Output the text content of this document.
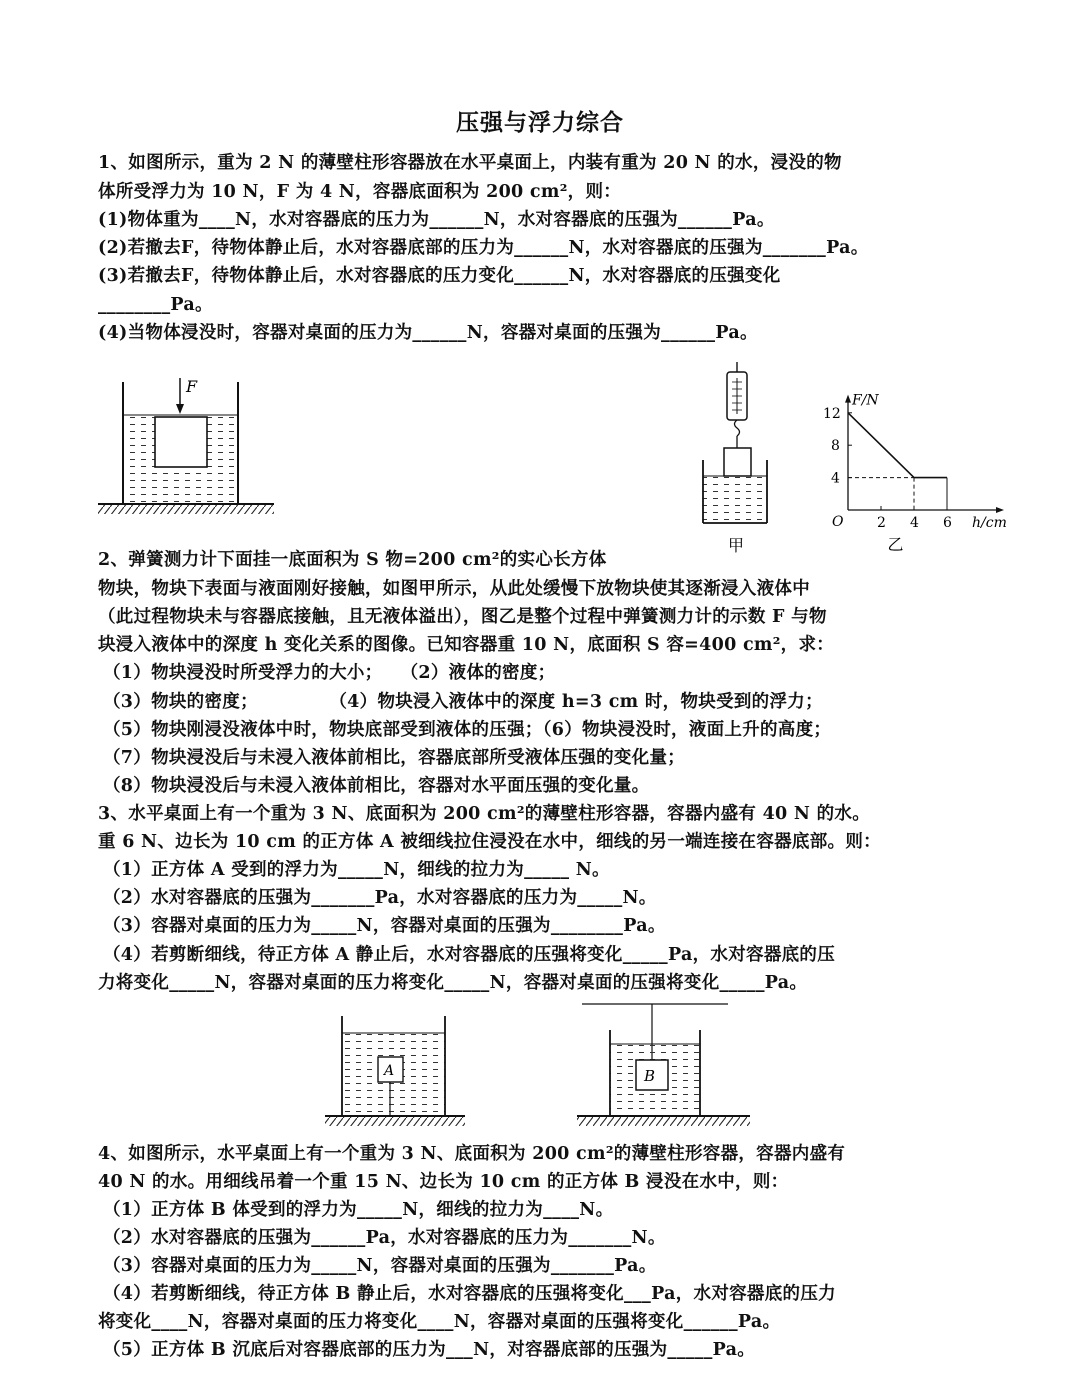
压强与浮力综合
1、如图所示，重为 2 N 的薄壁柱形容器放在水平桌面上，内装有重为 20 N 的水，浸没的物
体所受浮力为 10 N，F 为 4 N，容器底面积为 200 cm²，则：
(1)物体重为____N，水对容器底的压力为______N，水对容器底的压强为______Pa。
(2)若撤去F，待物体静止后，水对容器底部的压力为______N，水对容器底的压强为_______Pa。
(3)若撤去F，待物体静止后，水对容器底的压力变化______N，水对容器底的压强变化
________Pa。
(4)当物体浸没时，容器对桌面的压力为______N，容器对桌面的压强为______Pa。
F
甲
F/N
h/cm
O 2 4 6
4
8
12
乙
2、弹簧测力计下面挂一底面积为 S 物=200 cm²的实心长方体
物块，物块下表面与液面刚好接触，如图甲所示，从此处缓慢下放物块使其逐渐浸入液体中
（此过程物块未与容器底接触，且无液体溢出），图乙是整个过程中弹簧测力计的示数 F 与物
块浸入液体中的深度 h 变化关系的图像。已知容器重 10 N，底面积 S 容=400 cm²，求：
（1）物块浸没时所受浮力的大小；　　（2）液体的密度；
（3）物块的密度；　　　　　（4）物块浸入液体中的深度 h=3 cm 时，物块受到的浮力；
（5）物块刚浸没液体中时，物块底部受到液体的压强；（6）物块浸没时，液面上升的高度；
（7）物块浸没后与未浸入液体前相比，容器底部所受液体压强的变化量；
（8）物块浸没后与未浸入液体前相比，容器对水平面压强的变化量。
3、水平桌面上有一个重为 3 N、底面积为 200 cm²的薄壁柱形容器，容器内盛有 40 N 的水。
重 6 N、边长为 10 cm 的正方体 A 被细线拉住浸没在水中，细线的另一端连接在容器底部。则：
（1）正方体 A 受到的浮力为_____N，细线的拉力为_____ N。
（2）水对容器底的压强为_______Pa，水对容器底的压力为_____N。
（3）容器对桌面的压力为_____N，容器对桌面的压强为________Pa。
（4）若剪断细线，待正方体 A 静止后，水对容器底的压强将变化_____Pa，水对容器底的压
力将变化_____N，容器对桌面的压力将变化_____N，容器对桌面的压强将变化_____Pa。
A	B
4、如图所示，水平桌面上有一个重为 3 N、底面积为 200 cm²的薄壁柱形容器，容器内盛有
40 N 的水。用细线吊着一个重 15 N、边长为 10 cm 的正方体 B 浸没在水中，则：
（1）正方体 B 体受到的浮力为_____N，细线的拉力为____N。
（2）水对容器底的压强为______Pa，水对容器底的压力为_______N。
（3）容器对桌面的压力为_____N，容器对桌面的压强为_______Pa。
（4）若剪断细线，待正方体 B 静止后，水对容器底的压强将变化___Pa，水对容器底的压力
将变化____N，容器对桌面的压力将变化____N，容器对桌面的压强将变化______Pa。
（5）正方体 B 沉底后对容器底部的压力为___N，对容器底部的压强为_____Pa。
